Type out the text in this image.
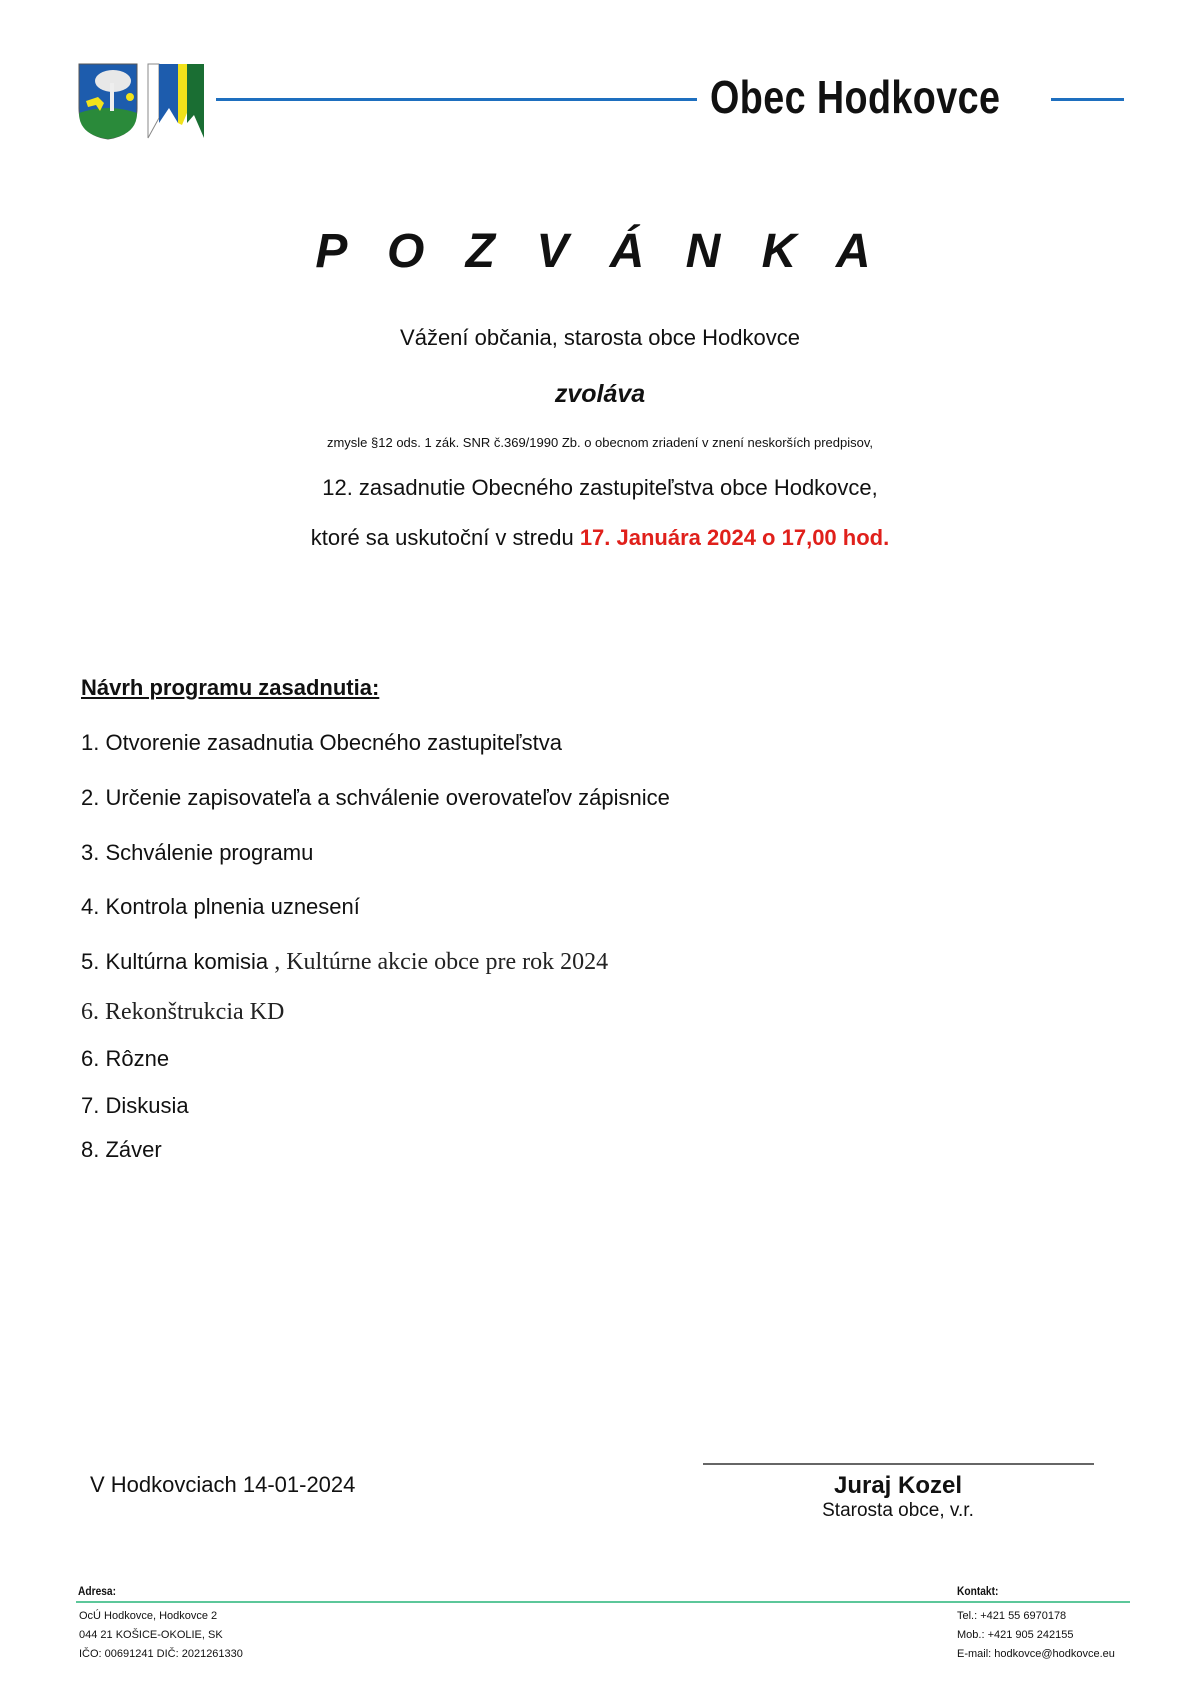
Obec Hodkovce
P O Z V Á N K A
Vážení občania, starosta obce Hodkovce
zvoláva
zmysle §12 ods. 1 zák. SNR č.369/1990 Zb. o obecnom zriadení v znení neskorších predpisov,
12. zasadnutie Obecného zastupiteľstva obce Hodkovce,
ktoré sa uskutoční v stredu 17. Januára 2024 o 17,00 hod.
Návrh programu zasadnutia:
1. Otvorenie zasadnutia Obecného zastupiteľstva
2. Určenie zapisovateľa a schválenie overovateľov zápisnice
3. Schválenie programu
4. Kontrola plnenia uznesení
5. Kultúrna komisia , Kultúrne akcie obce pre rok 2024
6. Rekonštrukcia KD
6. Rôzne
7. Diskusia
8. Záver
V Hodkovciach 14-01-2024	Juraj Kozel
Starosta obce, v.r.
Adresa:	Kontakt:
OcÚ Hodkovce, Hodkovce 2
044 21 KOŠICE-OKOLIE, SK
IČO: 00691241 DIČ: 2021261330
Tel.: +421 55 6970178
Mob.: +421 905 242155
E-mail: hodkovce@hodkovce.eu
